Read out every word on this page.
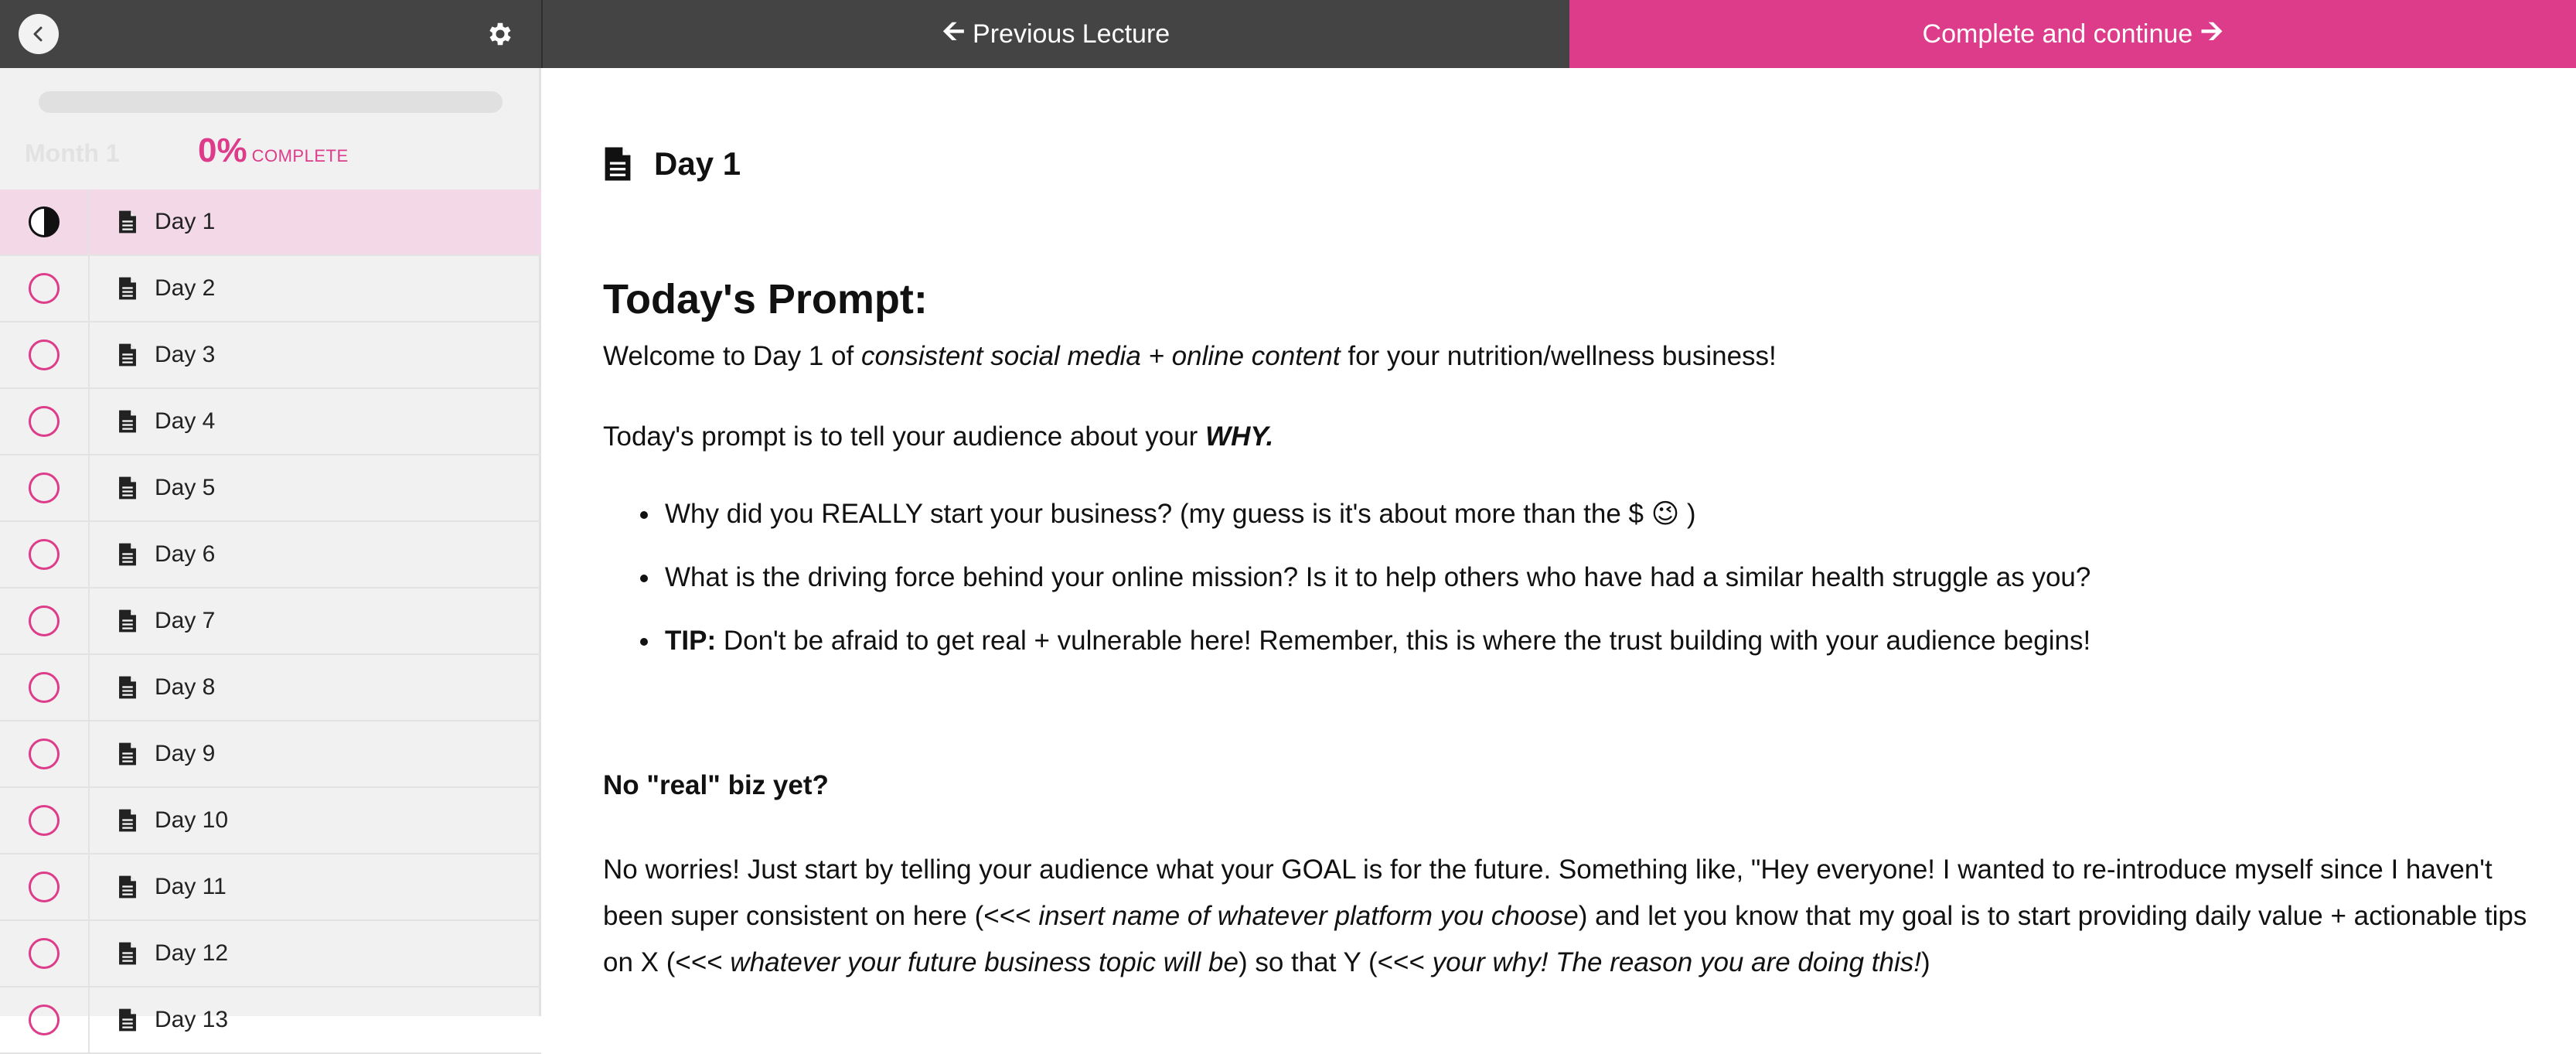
🡨 Previous Lecture	Complete and continue 🡪
Month 1 0% COMPLETE
Day 1
Day 2
Day 3
Day 4
Day 5
Day 6
Day 7
Day 8
Day 9
Day 10
Day 11
Day 12
Day 13
Day 1
Today's Prompt:

Welcome to Day 1 of consistent social media + online content for your nutrition/wellness business!

Today's prompt is to tell your audience about your WHY.

Why did you REALLY start your business? (my guess is it's about more than the $ 😉 )
What is the driving force behind your online mission? Is it to help others who have had a similar health struggle as you?
TIP: Don't be afraid to get real + vulnerable here! Remember, this is where the trust building with your audience begins!

No "real" biz yet?

No worries! Just start by telling your audience what your GOAL is for the future. Something like, "Hey everyone! I wanted to re-introduce myself since I haven't been super consistent on here (<<< insert name of whatever platform you choose) and let you know that my goal is to start providing daily value + actionable tips on X (<<< whatever your future business topic will be) so that Y (<<< your why! The reason you are doing this!)
